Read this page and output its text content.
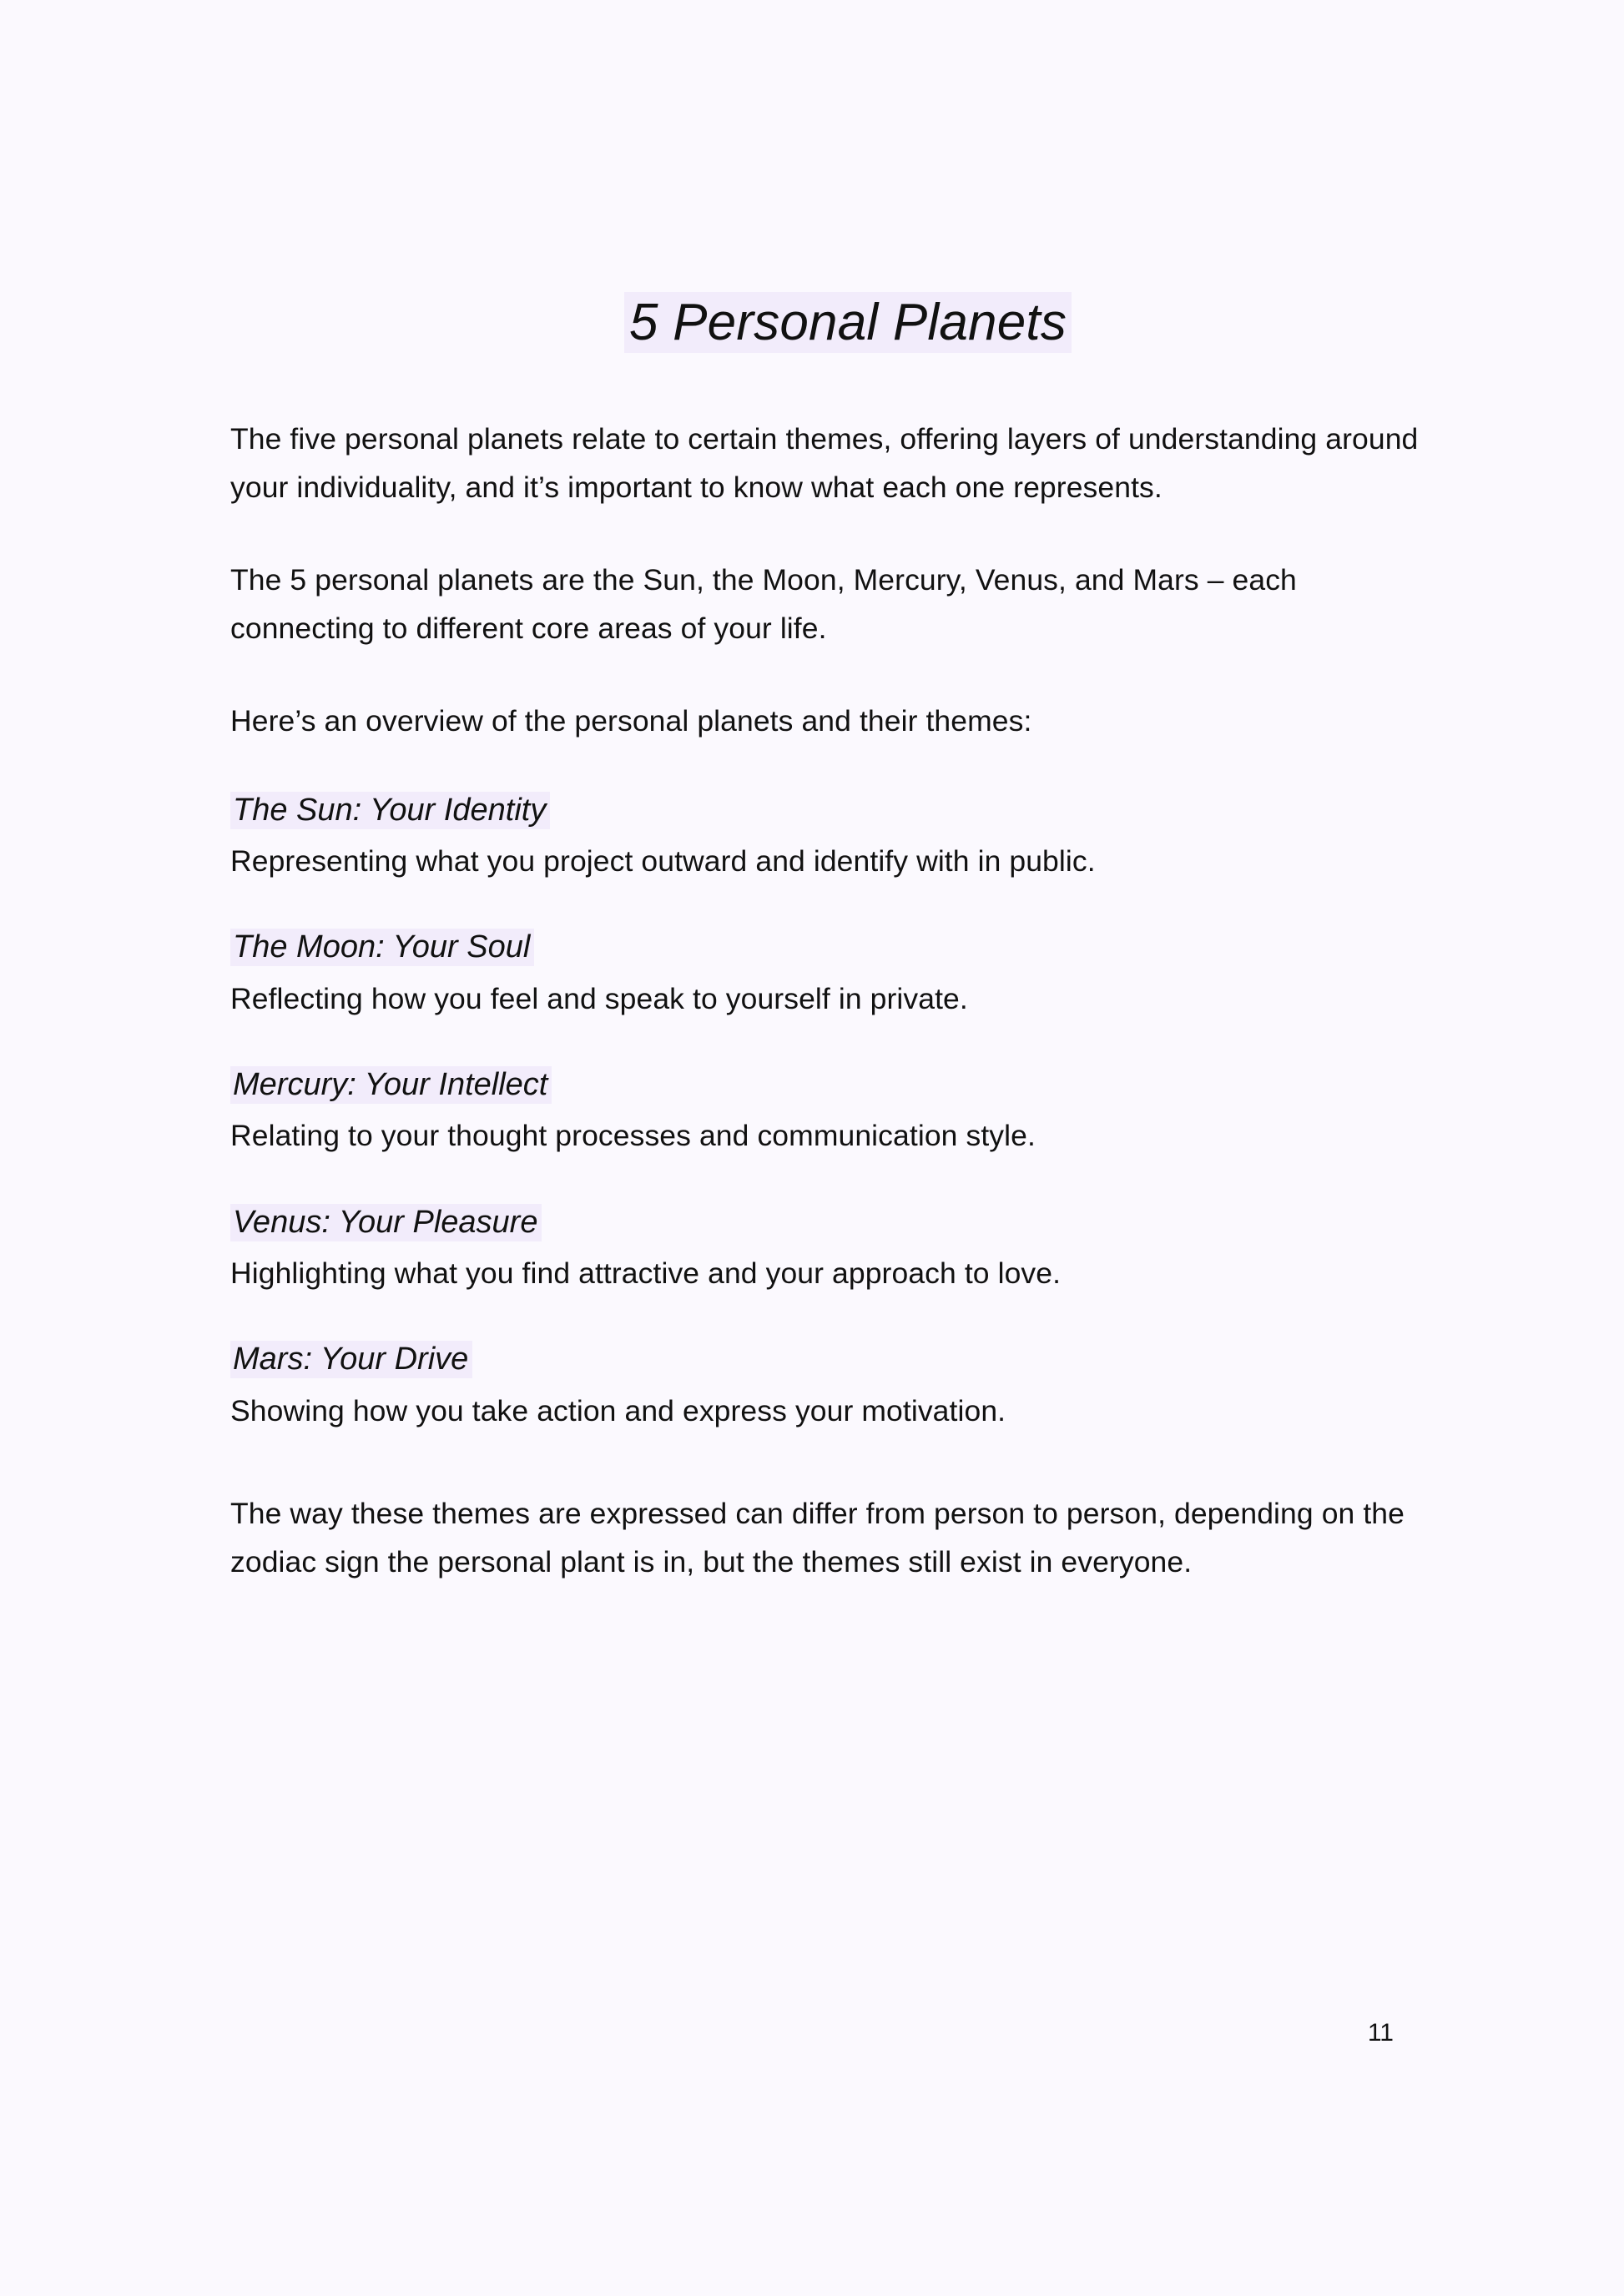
5 Personal Planets

The five personal planets relate to certain themes, offering layers of understanding around your individuality, and it’s important to know what each one represents.

The 5 personal planets are the Sun, the Moon, Mercury, Venus, and Mars – each connecting to different core areas of your life.

Here’s an overview of the personal planets and their themes:

The Sun: Your Identity

Representing what you project outward and identify with in public.

The Moon: Your Soul

Reflecting how you feel and speak to yourself in private.

Mercury: Your Intellect

Relating to your thought processes and communication style.

Venus: Your Pleasure

Highlighting what you find attractive and your approach to love.

Mars: Your Drive

Showing how you take action and express your motivation.

The way these themes are expressed can differ from person to person, depending on the zodiac sign the personal plant is in, but the themes still exist in everyone.

11
